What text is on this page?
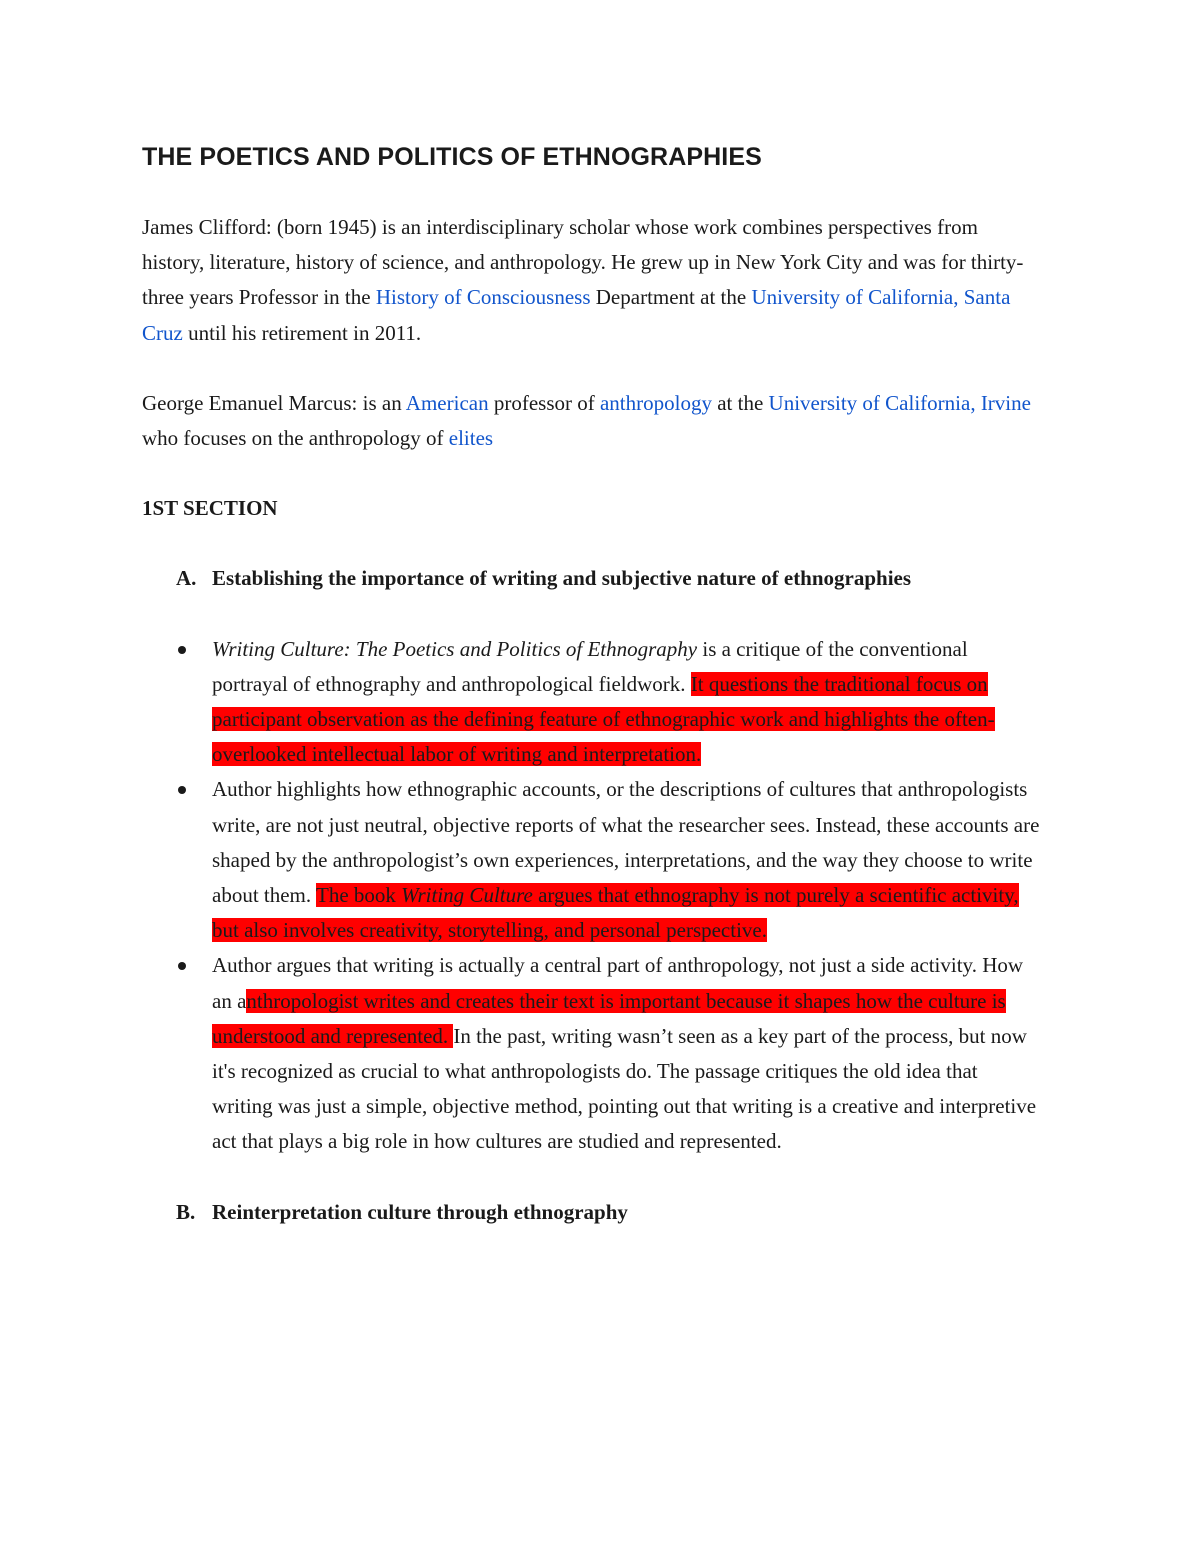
THE POETICS AND POLITICS OF ETHNOGRAPHIES

James Clifford: (born 1945) is an interdisciplinary scholar whose work combines perspectives from history, literature, history of science, and anthropology. He grew up in New York City and was for thirty-three years Professor in the History of Consciousness Department at the University of California, Santa Cruz until his retirement in 2011.

George Emanuel Marcus: is an American professor of anthropology at the University of California, Irvine who focuses on the anthropology of elites

1ST SECTION
A. Establishing the importance of writing and subjective nature of ethnographies
Writing Culture: The Poetics and Politics of Ethnography is a critique of the conventional portrayal of ethnography and anthropological fieldwork. It questions the traditional focus on participant observation as the defining feature of ethnographic work and highlights the often-overlooked intellectual labor of writing and interpretation.
Author highlights how ethnographic accounts, or the descriptions of cultures that anthropologists write, are not just neutral, objective reports of what the researcher sees. Instead, these accounts are shaped by the anthropologist’s own experiences, interpretations, and the way they choose to write about them. The book Writing Culture argues that ethnography is not purely a scientific activity, but also involves creativity, storytelling, and personal perspective.
Author argues that writing is actually a central part of anthropology, not just a side activity. How an anthropologist writes and creates their text is important because it shapes how the culture is understood and represented. In the past, writing wasn’t seen as a key part of the process, but now it's recognized as crucial to what anthropologists do. The passage critiques the old idea that writing was just a simple, objective method, pointing out that writing is a creative and interpretive act that plays a big role in how cultures are studied and represented.
B. Reinterpretation culture through ethnography
